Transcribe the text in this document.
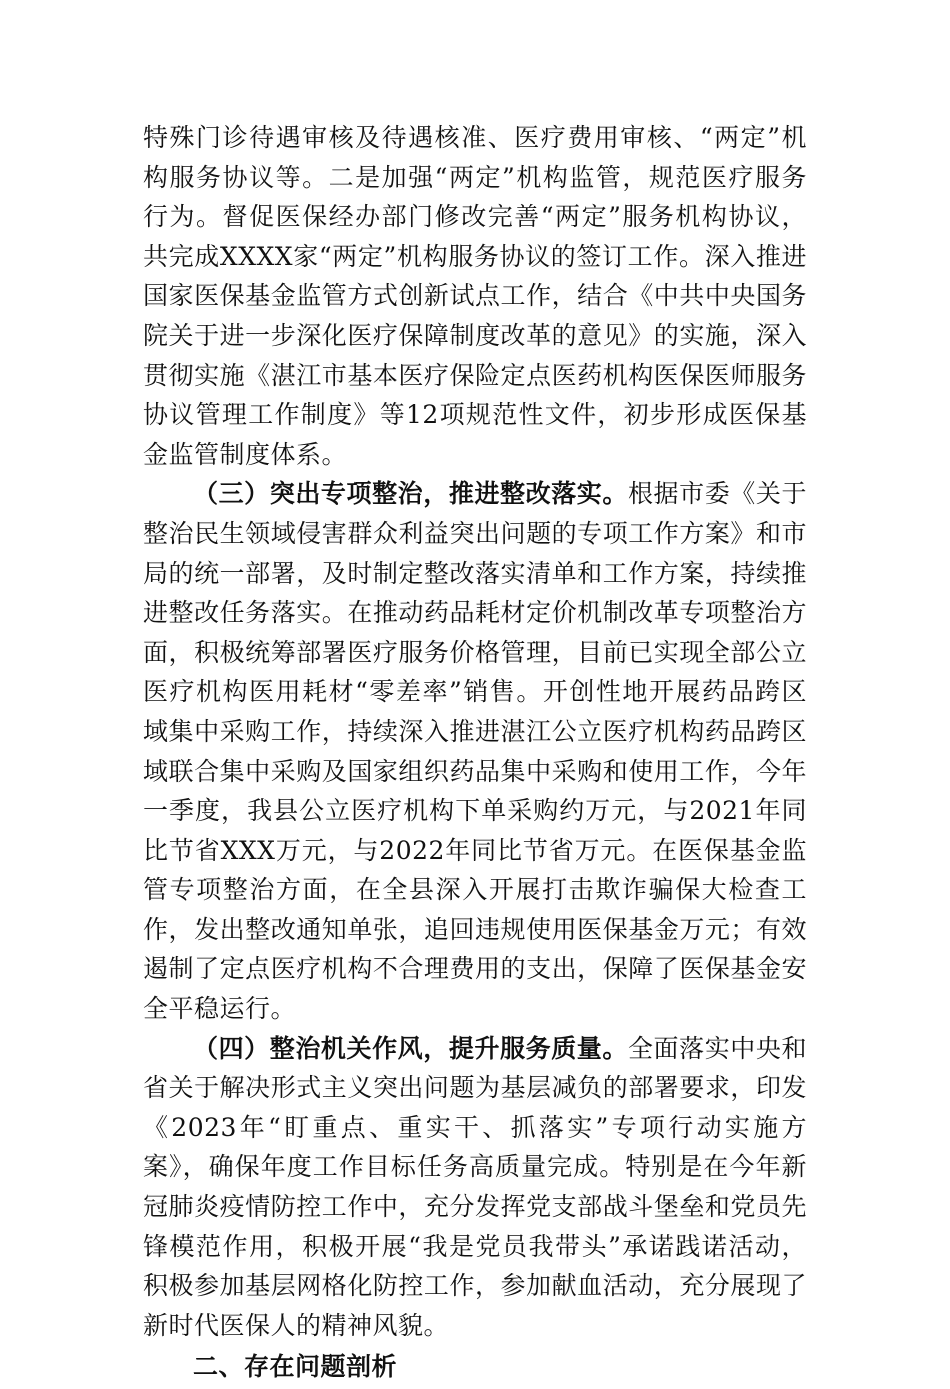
特殊门诊待遇审核及待遇核准、医疗费用审核、“两定”机构服务协议等。二是加强“两定”机构监管，规范医疗服务行为。督促医保经办部门修改完善“两定”服务机构协议，共完成XXXX家“两定”机构服务协议的签订工作。深入推进国家医保基金监管方式创新试点工作，结合《中共中央国务院关于进一步深化医疗保障制度改革的意见》的实施，深入贯彻实施《湛江市基本医疗保险定点医药机构医保医师服务协议管理工作制度》等12项规范性文件，初步形成医保基金监管制度体系。

（三）突出专项整治，推进整改落实。根据市委《关于整治民生领域侵害群众利益突出问题的专项工作方案》和市局的统一部署，及时制定整改落实清单和工作方案，持续推进整改任务落实。在推动药品耗材定价机制改革专项整治方面，积极统筹部署医疗服务价格管理，目前已实现全部公立医疗机构医用耗材“零差率”销售。开创性地开展药品跨区域集中采购工作，持续深入推进湛江公立医疗机构药品跨区域联合集中采购及国家组织药品集中采购和使用工作，今年一季度，我县公立医疗机构下单采购约万元，与2021年同比节省XXX万元，与2022年同比节省万元。在医保基金监管专项整治方面，在全县深入开展打击欺诈骗保大检查工作，发出整改通知单张，追回违规使用医保基金万元；有效遏制了定点医疗机构不合理费用的支出，保障了医保基金安全平稳运行。

（四）整治机关作风，提升服务质量。全面落实中央和省关于解决形式主义突出问题为基层减负的部署要求，印发《2023年“盯重点、重实干、抓落实”专项行动实施方案》，确保年度工作目标任务高质量完成。特别是在今年新冠肺炎疫情防控工作中，充分发挥党支部战斗堡垒和党员先锋模范作用，积极开展“我是党员我带头”承诺践诺活动，积极参加基层网格化防控工作，参加献血活动，充分展现了新时代医保人的精神风貌。

二、存在问题剖析
